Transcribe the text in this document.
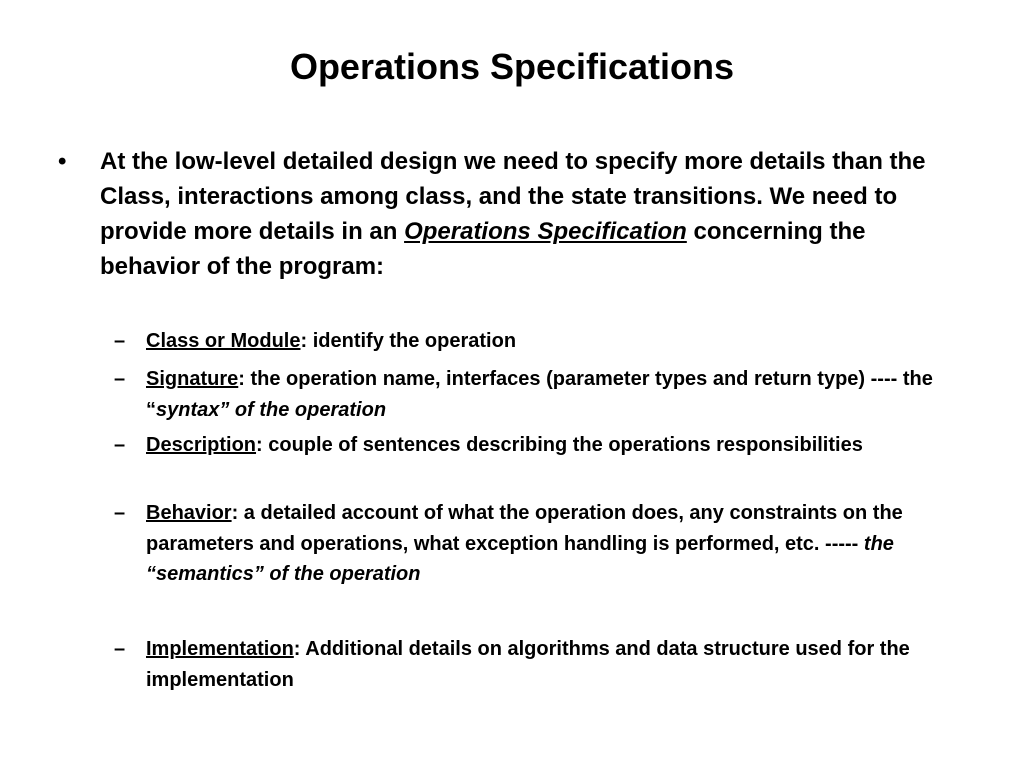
Operations Specifications
•	At the low-level detailed design we need to specify more details than the Class, interactions among class, and the state transitions. We need to provide more details in an Operations Specification concerning the behavior of the program:
–	Class or Module: identify the operation
–	Signature: the operation name, interfaces (parameter types and return type) ---- the “syntax” of the operation
–	Description: couple of sentences describing the operations responsibilities
–	Behavior: a detailed account of what the operation does, any constraints on the parameters and operations, what exception handling is performed, etc. ----- the “semantics” of the operation
–	Implementation: Additional details on algorithms and data structure used for the implementation
